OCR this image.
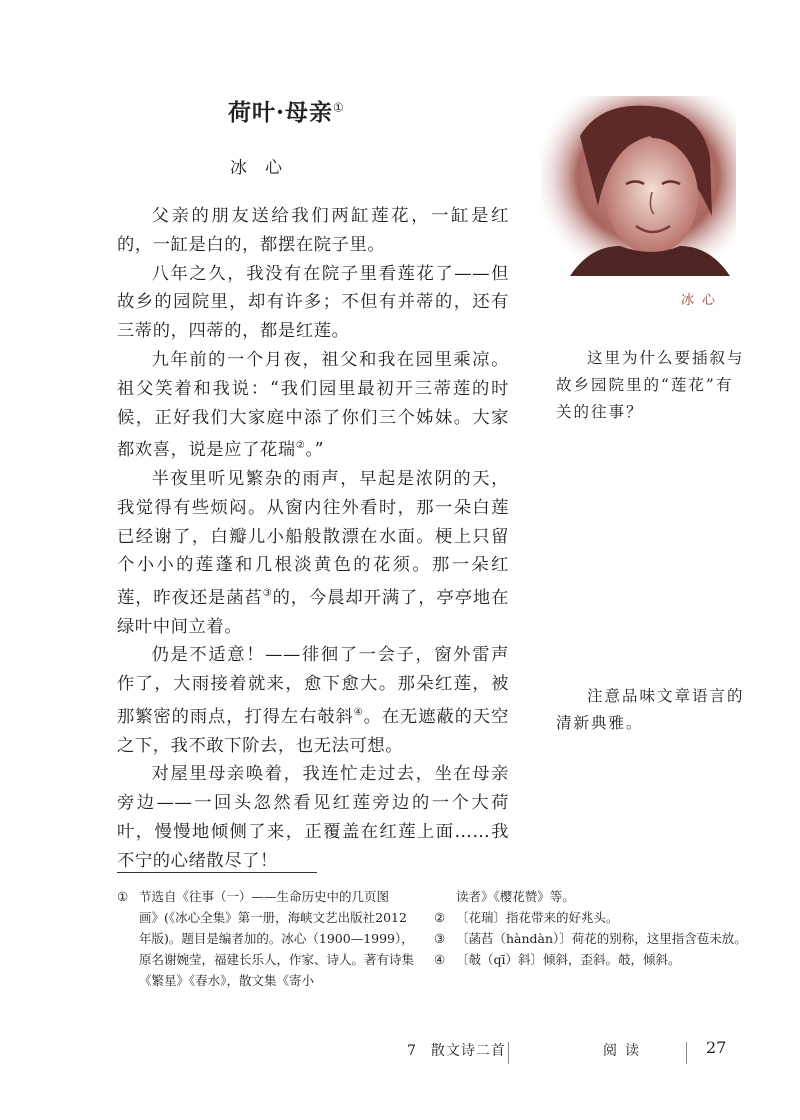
荷叶·母亲①
冰心
冰心

父亲的朋友送给我们两缸莲花，一缸是红的，一缸是白的，都摆在院子里。

八年之久，我没有在院子里看莲花了——但故乡的园院里，却有许多；不但有并蒂的，还有三蒂的，四蒂的，都是红莲。

九年前的一个月夜，祖父和我在园里乘凉。祖父笑着和我说：“我们园里最初开三蒂莲的时候，正好我们大家庭中添了你们三个姊妹。大家都欢喜，说是应了花瑞②。”

半夜里听见繁杂的雨声，早起是浓阴的天，我觉得有些烦闷。从窗内往外看时，那一朵白莲已经谢了，白瓣儿小船般散漂在水面。梗上只留个小小的莲蓬和几根淡黄色的花须。那一朵红莲，昨夜还是菡萏③的，今晨却开满了，亭亭地在绿叶中间立着。

仍是不适意！——徘徊了一会子，窗外雷声作了，大雨接着就来，愈下愈大。那朵红莲，被那繁密的雨点，打得左右攲斜④。在无遮蔽的天空之下，我不敢下阶去，也无法可想。

对屋里母亲唤着，我连忙走过去，坐在母亲旁边——一回头忽然看见红莲旁边的一个大荷叶，慢慢地倾侧了来，正覆盖在红莲上面……我不宁的心绪散尽了！

这里为什么要插叙与故乡园院里的“莲花”有关的往事？
注意品味文章语言的清新典雅。
① 节选自《往事（一）——生命历史中的几页图
画》(《冰心全集》第一册，海峡文艺出版社2012年版)。题目是编者加的。冰心（1900—1999），原名谢婉莹，福建长乐人，作家、诗人。著有诗集《繁星》《春水》，散文集《寄小
读者》《樱花赞》等。
② 〔花瑞〕指花带来的好兆头。
③ 〔菡萏（hàndàn）〕荷花的别称，这里指含苞未放。
④ 〔攲（qī）斜〕倾斜，歪斜。攲，倾斜。
7 散文诗二首	阅读	27
